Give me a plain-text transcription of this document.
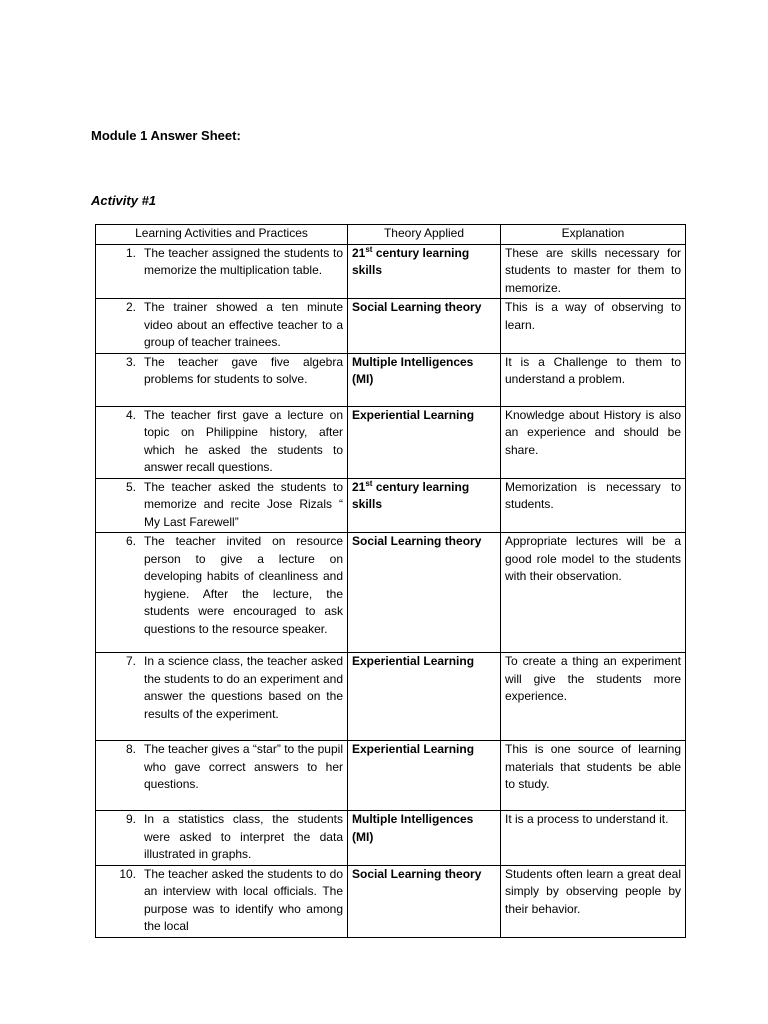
Module 1 Answer Sheet:

Activity #1

Learning Activities and Practices	Theory Applied	Explanation

1. The teacher assigned the students to memorize the multiplication table.	21st century learning skills	These are skills necessary for students to master for them to memorize.

2. The trainer showed a ten minute video about an effective teacher to a group of teacher trainees.	Social Learning theory	This is a way of observing to learn.

3. The teacher gave five algebra problems for students to solve.	Multiple Intelligences (MI)	It is a Challenge to them to understand a problem.

4. The teacher first gave a lecture on topic on Philippine history, after which he asked the students to answer recall questions.	Experiential Learning	Knowledge about History is also an experience and should be share.

5. The teacher asked the students to memorize and recite Jose Rizals “ My Last Farewell”	21st century learning skills	Memorization is necessary to students.

6. The teacher invited on resource person to give a lecture on developing habits of cleanliness and hygiene. After the lecture, the students were encouraged to ask questions to the resource speaker.	Social Learning theory	Appropriate lectures will be a good role model to the students with their observation.

7. In a science class, the teacher asked the students to do an experiment and answer the questions based on the results of the experiment.	Experiential Learning	To create a thing an experiment will give the students more experience.

8. The teacher gives a “star” to the pupil who gave correct answers to her questions.	Experiential Learning	This is one source of learning materials that students be able to study.

9. In a statistics class, the students were asked to interpret the data illustrated in graphs.	Multiple Intelligences (MI)	It is a process to understand it.

10. The teacher asked the students to do an interview with local officials. The purpose was to identify who among the local	Social Learning theory	Students often learn a great deal simply by observing people by their behavior.
